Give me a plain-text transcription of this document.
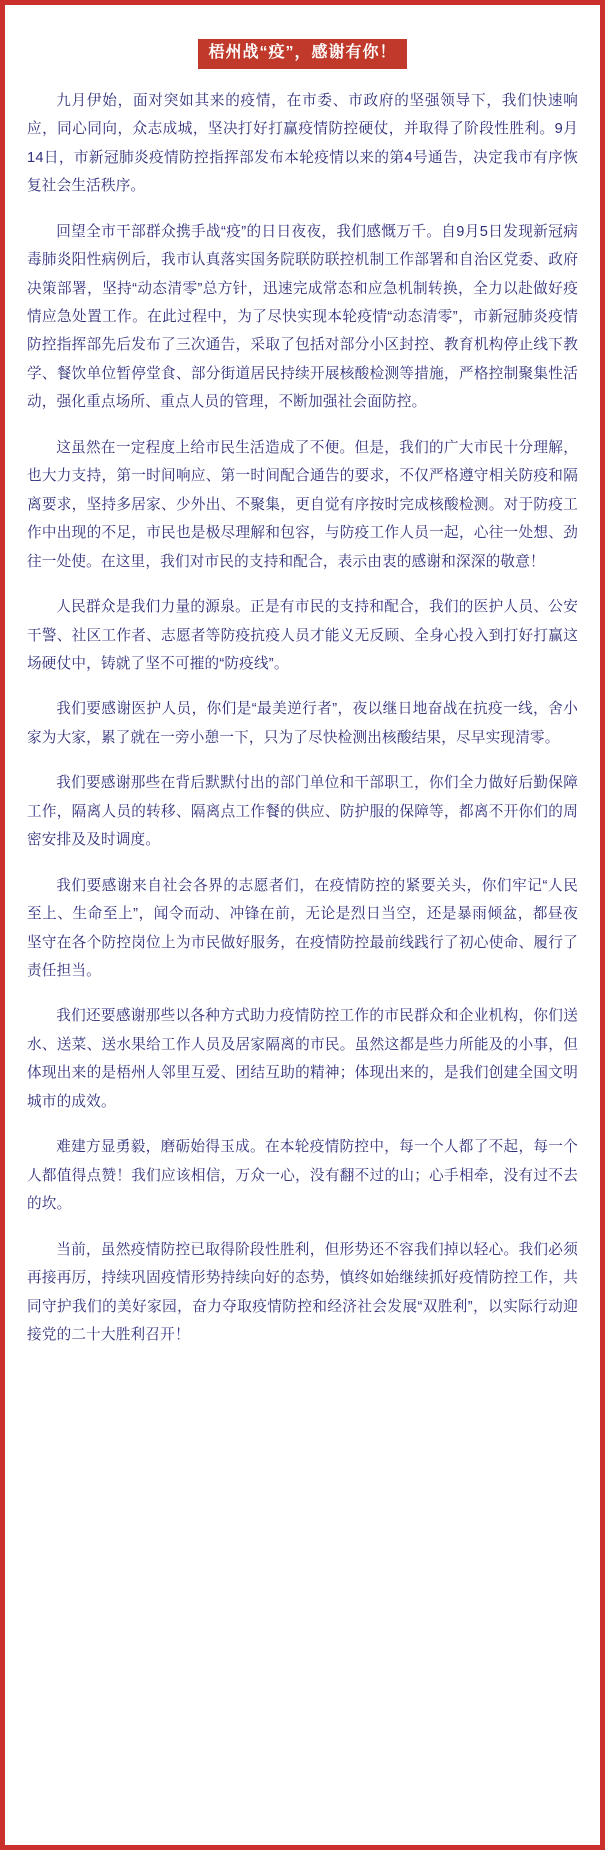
梧州战“疫”，感谢有你！

九月伊始，面对突如其来的疫情，在市委、市政府的坚强领导下，我们快速响应，同心同向，众志成城，坚决打好打赢疫情防控硬仗，并取得了阶段性胜利。9月14日，市新冠肺炎疫情防控指挥部发布本轮疫情以来的第4号通告，决定我市有序恢复社会生活秩序。

回望全市干部群众携手战“疫”的日日夜夜，我们感慨万千。自9月5日发现新冠病毒肺炎阳性病例后，我市认真落实国务院联防联控机制工作部署和自治区党委、政府决策部署，坚持“动态清零”总方针，迅速完成常态和应急机制转换，全力以赴做好疫情应急处置工作。在此过程中，为了尽快实现本轮疫情“动态清零”，市新冠肺炎疫情防控指挥部先后发布了三次通告，采取了包括对部分小区封控、教育机构停止线下教学、餐饮单位暂停堂食、部分街道居民持续开展核酸检测等措施，严格控制聚集性活动，强化重点场所、重点人员的管理，不断加强社会面防控。

这虽然在一定程度上给市民生活造成了不便。但是，我们的广大市民十分理解，也大力支持，第一时间响应、第一时间配合通告的要求，不仅严格遵守相关防疫和隔离要求，坚持多居家、少外出、不聚集，更自觉有序按时完成核酸检测。对于防疫工作中出现的不足，市民也是极尽理解和包容，与防疫工作人员一起，心往一处想、劲往一处使。在这里，我们对市民的支持和配合，表示由衷的感谢和深深的敬意！

人民群众是我们力量的源泉。正是有市民的支持和配合，我们的医护人员、公安干警、社区工作者、志愿者等防疫抗疫人员才能义无反顾、全身心投入到打好打赢这场硬仗中，铸就了坚不可摧的“防疫线”。

我们要感谢医护人员，你们是“最美逆行者”，夜以继日地奋战在抗疫一线，舍小家为大家，累了就在一旁小憩一下，只为了尽快检测出核酸结果，尽早实现清零。

我们要感谢那些在背后默默付出的部门单位和干部职工，你们全力做好后勤保障工作，隔离人员的转移、隔离点工作餐的供应、防护服的保障等，都离不开你们的周密安排及及时调度。

我们要感谢来自社会各界的志愿者们，在疫情防控的紧要关头，你们牢记“人民至上、生命至上”，闻令而动、冲锋在前，无论是烈日当空，还是暴雨倾盆，都昼夜坚守在各个防控岗位上为市民做好服务，在疫情防控最前线践行了初心使命、履行了责任担当。

我们还要感谢那些以各种方式助力疫情防控工作的市民群众和企业机构，你们送水、送菜、送水果给工作人员及居家隔离的市民。虽然这都是些力所能及的小事，但体现出来的是梧州人邻里互爱、团结互助的精神；体现出来的，是我们创建全国文明城市的成效。

难建方显勇毅，磨砺始得玉成。在本轮疫情防控中，每一个人都了不起，每一个人都值得点赞！我们应该相信，万众一心，没有翻不过的山；心手相牵，没有过不去的坎。

当前，虽然疫情防控已取得阶段性胜利，但形势还不容我们掉以轻心。我们必须再接再厉，持续巩固疫情形势持续向好的态势，慎终如始继续抓好疫情防控工作，共同守护我们的美好家园，奋力夺取疫情防控和经济社会发展“双胜利”，以实际行动迎接党的二十大胜利召开！
